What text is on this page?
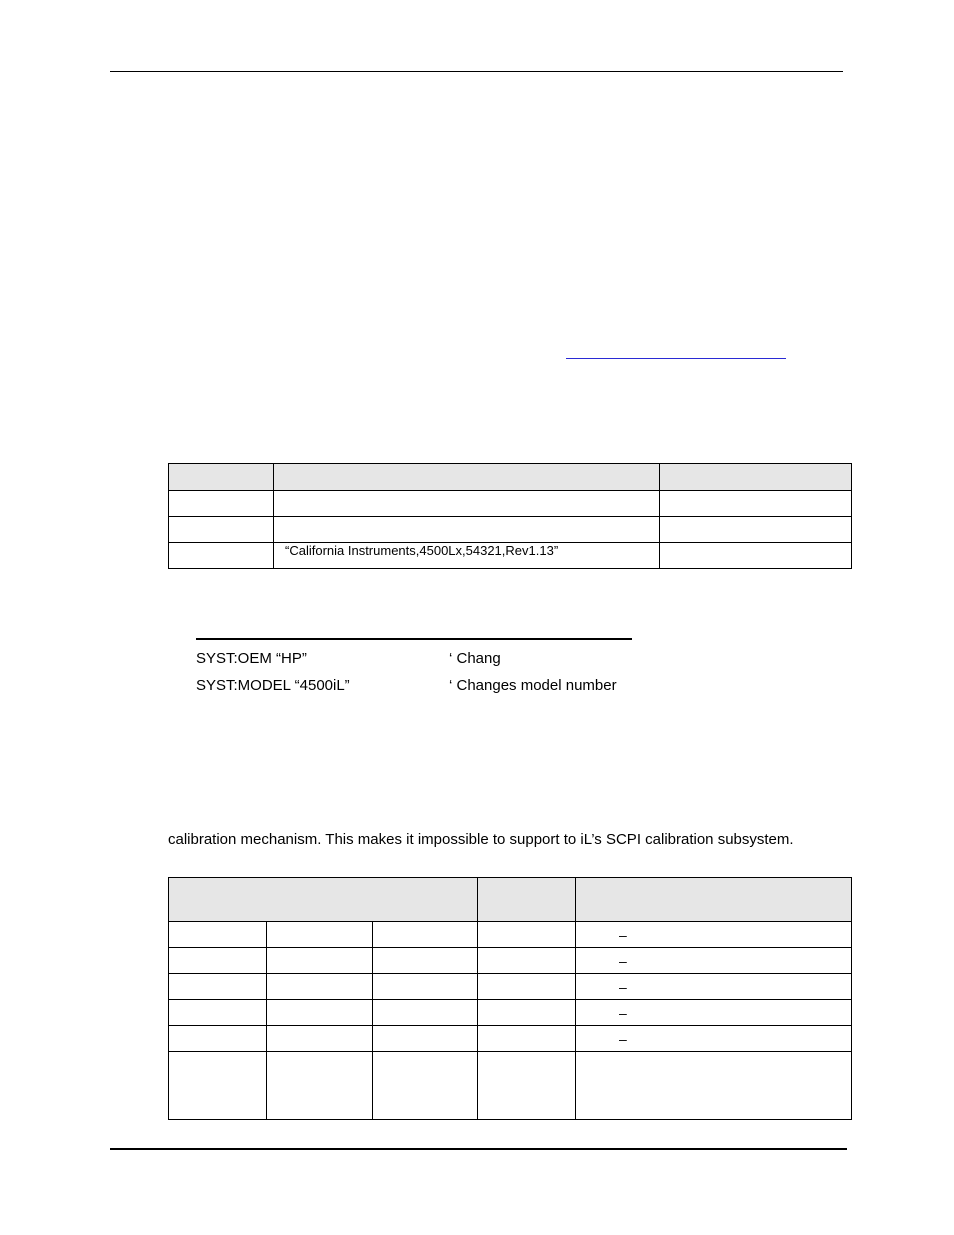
	“California Instruments,4500Lx,54321,Rev1.13”	
SYST:OEM “HP”	‘ Chang
SYST:MODEL “4500iL”	‘ Changes model number
calibration mechanism. This makes it impossible to support to iL’s SCPI calibration subsystem.

				–
				–
				–
				–
				–
